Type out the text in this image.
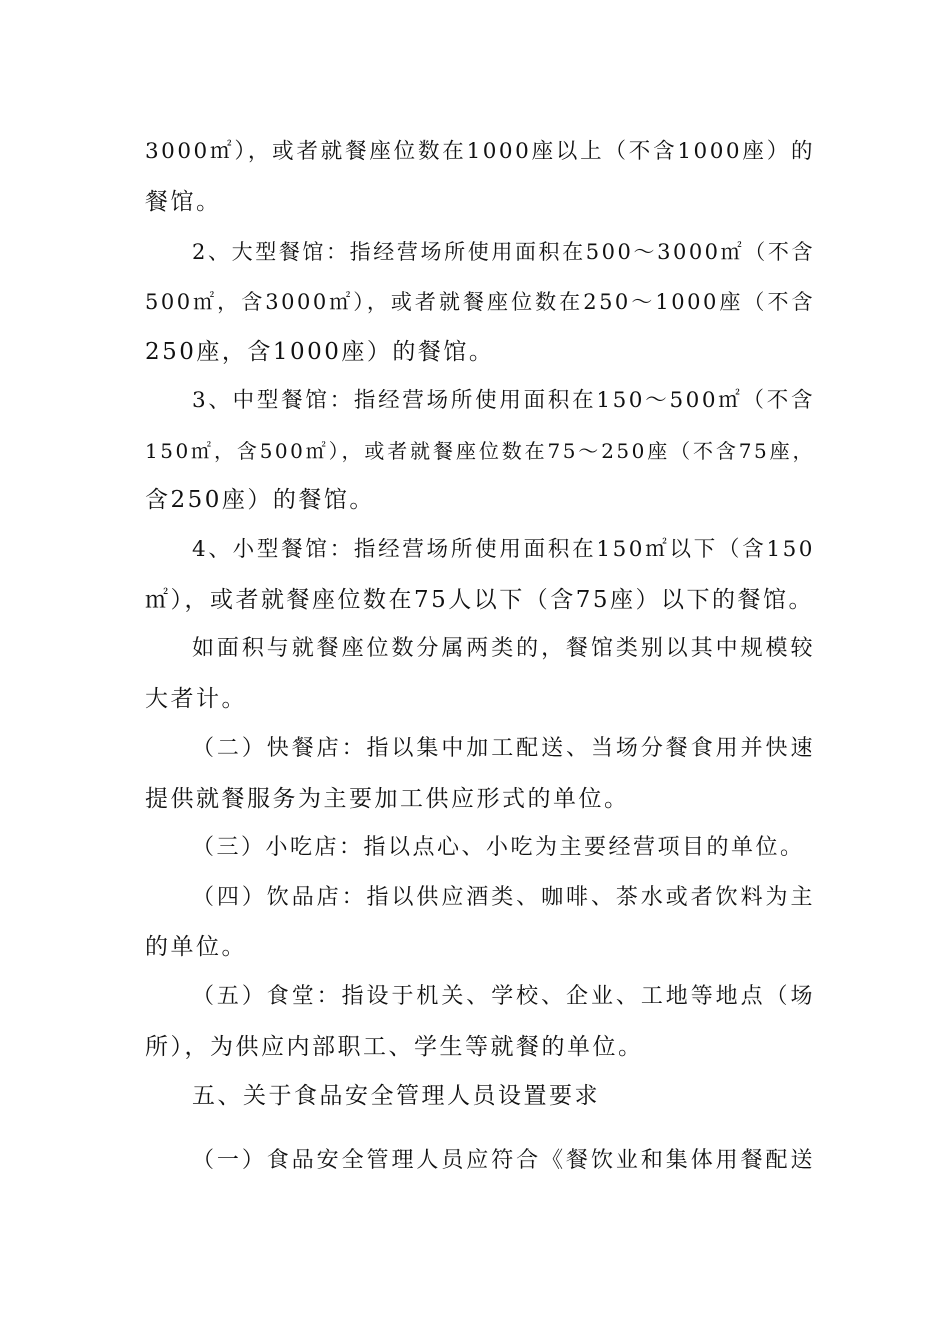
3000㎡），或者就餐座位数在1000座以上（不含1000座）的
餐馆。
2、大型餐馆：指经营场所使用面积在500～3000㎡（不含
500㎡，含3000㎡），或者就餐座位数在250～1000座（不含
250座，含1000座）的餐馆。
3、中型餐馆：指经营场所使用面积在150～500㎡（不含
150㎡，含500㎡），或者就餐座位数在75～250座（不含75座，
含250座）的餐馆。
4、小型餐馆：指经营场所使用面积在150㎡以下（含150
㎡），或者就餐座位数在75人以下（含75座）以下的餐馆。
如面积与就餐座位数分属两类的，餐馆类别以其中规模较
大者计。
（二）快餐店：指以集中加工配送、当场分餐食用并快速
提供就餐服务为主要加工供应形式的单位。
（三）小吃店：指以点心、小吃为主要经营项目的单位。
（四）饮品店：指以供应酒类、咖啡、茶水或者饮料为主
的单位。
（五）食堂：指设于机关、学校、企业、工地等地点（场
所），为供应内部职工、学生等就餐的单位。
五、关于食品安全管理人员设置要求
（一）食品安全管理人员应符合《餐饮业和集体用餐配送
